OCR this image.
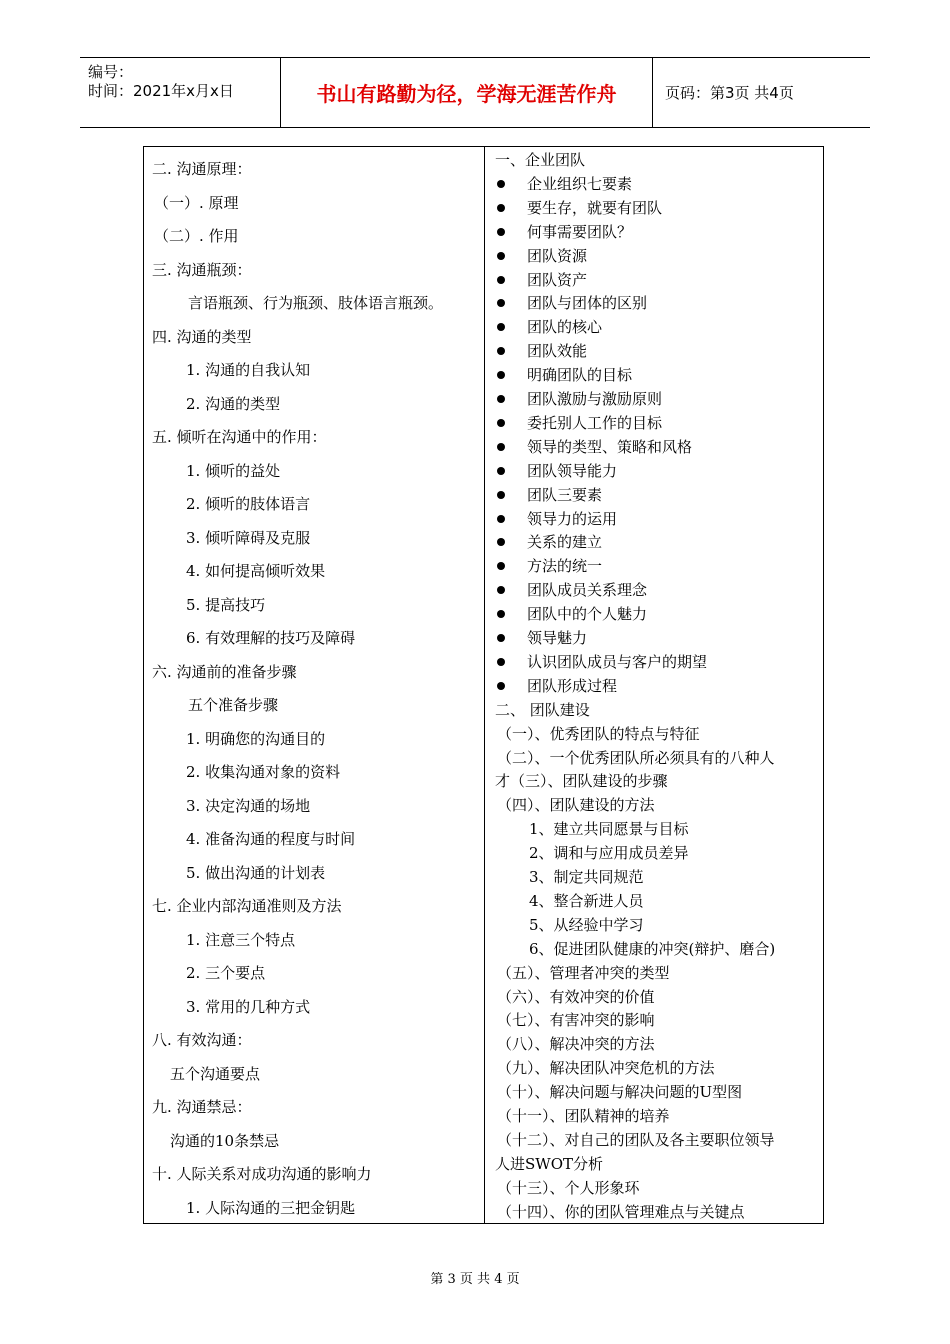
编号：
时间：2021年x月x日	书山有路勤为径，学海无涯苦作舟	页码：第3页 共4页
二. 沟通原理：
（一）. 原理
（二）. 作用
三. 沟通瓶颈：
言语瓶颈、行为瓶颈、肢体语言瓶颈。
四. 沟通的类型
1. 沟通的自我认知
2. 沟通的类型
五. 倾听在沟通中的作用：
1. 倾听的益处
2. 倾听的肢体语言
3. 倾听障碍及克服
4. 如何提高倾听效果
5. 提高技巧
6. 有效理解的技巧及障碍
六. 沟通前的准备步骤
五个准备步骤
1. 明确您的沟通目的
2. 收集沟通对象的资料
3. 决定沟通的场地
4. 准备沟通的程度与时间
5. 做出沟通的计划表
七. 企业内部沟通准则及方法
1. 注意三个特点
2. 三个要点
3. 常用的几种方式
八. 有效沟通：
五个沟通要点
九. 沟通禁忌：
沟通的10条禁忌
十. 人际关系对成功沟通的影响力
1. 人际沟通的三把金钥匙
一、企业团队
企业组织七要素
要生存，就要有团队
何事需要团队？
团队资源
团队资产
团队与团体的区别
团队的核心
团队效能
明确团队的目标
团队激励与激励原则
委托别人工作的目标
领导的类型、策略和风格
团队领导能力
团队三要素
领导力的运用
关系的建立
方法的统一
团队成员关系理念
团队中的个人魅力
领导魅力
认识团队成员与客户的期望
团队形成过程
二、 团队建设
（一）、优秀团队的特点与特征
（二）、一个优秀团队所必须具有的八种人
才（三）、团队建设的步骤
（四）、团队建设的方法
1、建立共同愿景与目标
2、调和与应用成员差异
3、制定共同规范
4、整合新进人员
5、从经验中学习
6、促进团队健康的冲突(辩护、磨合)
（五）、管理者冲突的类型
（六）、有效冲突的价值
（七）、有害冲突的影响
（八）、解决冲突的方法
（九）、解决团队冲突危机的方法
（十）、解决问题与解决问题的U型图
（十一）、团队精神的培养
（十二）、对自己的团队及各主要职位领导
人进SWOT分析
（十三）、个人形象环
（十四）、你的团队管理难点与关键点
第 3 页 共 4 页
